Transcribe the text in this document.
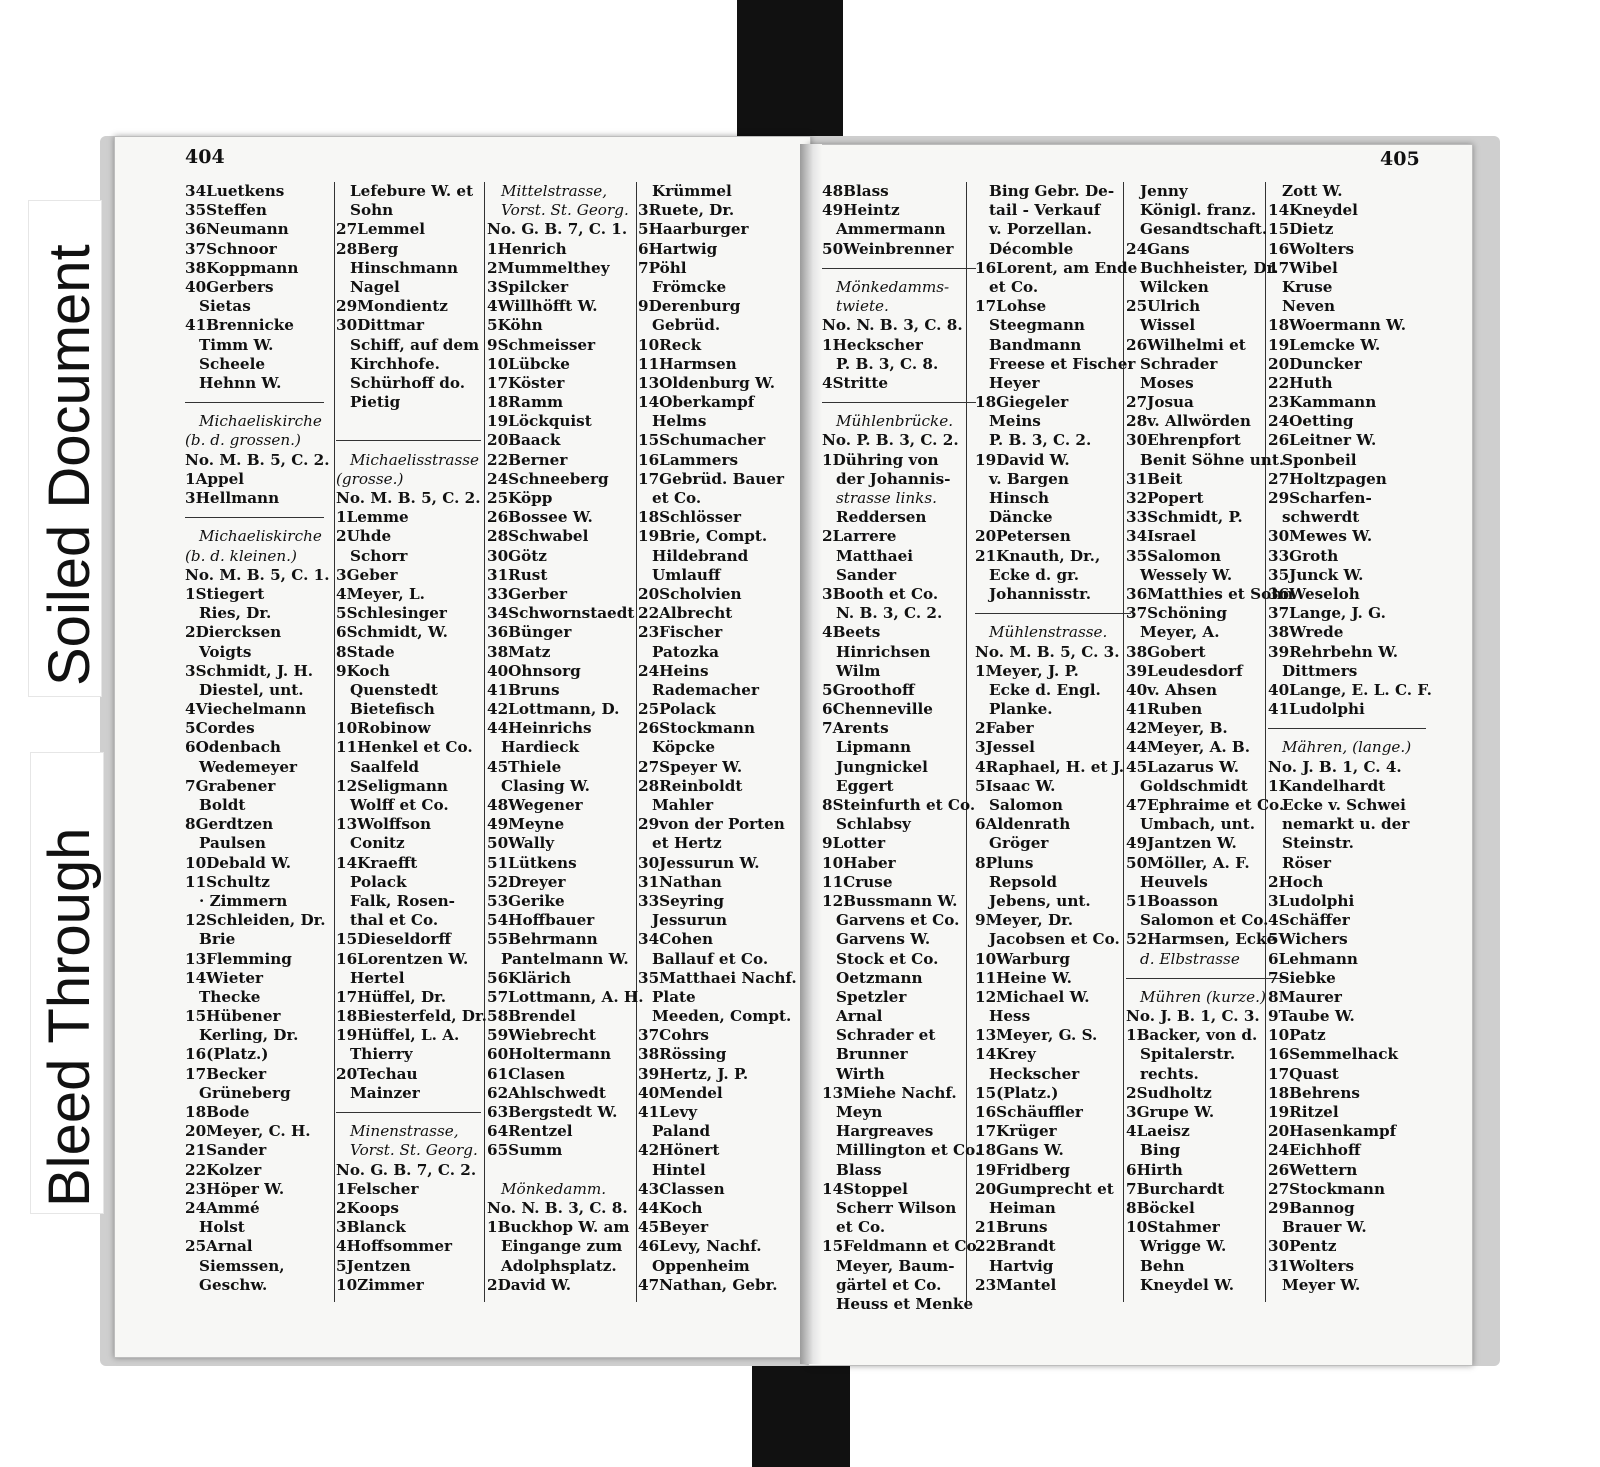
404	405
34Luetkens
35Steffen
36Neumann
37Schnoor
38Koppmann
40Gerbers
Sietas
41Brennicke
Timm W.
Scheele
Hehnn W.
Michaeliskirche
(b. d. grossen.)
No. M. B. 5, C. 2.
1Appel
3Hellmann
Michaeliskirche
(b. d. kleinen.)
No. M. B. 5, C. 1.
1Stiegert
Ries, Dr.
2Diercksen
Voigts
3Schmidt, J. H.
Diestel, unt.
4Viechelmann
5Cordes
6Odenbach
Wedemeyer
7Grabener
Boldt
8Gerdtzen
Paulsen
10Debald W.
11Schultz
· Zimmern
12Schleiden, Dr.
Brie
13Flemming
14Wieter
Thecke
15Hübener
Kerling, Dr.
16(Platz.)
17Becker
Grüneberg
18Bode
20Meyer, C. H.
21Sander
22Kolzer
23Höper W.
24Ammé
Holst
25Arnal
Siemssen,
Geschw.
Lefebure W. et
Sohn
27Lemmel
28Berg
Hinschmann
Nagel
29Mondientz
30Dittmar
Schiff, auf dem
Kirchhofe.
Schürhoff do.
Pietig
Michaelisstrasse
(grosse.)
No. M. B. 5, C. 2.
1Lemme
2Uhde
Schorr
3Geber
4Meyer, L.
5Schlesinger
6Schmidt, W.
8Stade
9Koch
Quenstedt
Bietefisch
10Robinow
11Henkel et Co.
Saalfeld
12Seligmann
Wolff et Co.
13Wolffson
Conitz
14Kraefft
Polack
Falk, Rosen-
thal et Co.
15Dieseldorff
16Lorentzen W.
Hertel
17Hüffel, Dr.
18Biesterfeld, Dr.
19Hüffel, L. A.
Thierry
20Techau
Mainzer
Minenstrasse,
Vorst. St. Georg.
No. G. B. 7, C. 2.
1Felscher
2Koops
3Blanck
4Hoffsommer
5Jentzen
10Zimmer
Mittelstrasse,
Vorst. St. Georg.
No. G. B. 7, C. 1.
1Henrich
2Mummelthey
3Spilcker
4Willhöfft W.
5Köhn
9Schmeisser
10Lübcke
17Köster
18Ramm
19Löckquist
20Baack
22Berner
24Schneeberg
25Köpp
26Bossee W.
28Schwabel
30Götz
31Rust
33Gerber
34Schwornstaedt
36Bünger
38Matz
40Ohnsorg
41Bruns
42Lottmann, D.
44Heinrichs
Hardieck
45Thiele
Clasing W.
48Wegener
49Meyne
50Wally
51Lütkens
52Dreyer
53Gerike
54Hoffbauer
55Behrmann
Pantelmann W.
56Klärich
57Lottmann, A. H.
58Brendel
59Wiebrecht
60Holtermann
61Clasen
62Ahlschwedt
63Bergstedt W.
64Rentzel
65Summ
Mönkedamm.
No. N. B. 3, C. 8.
1Buckhop W. am
Eingange zum
Adolphsplatz.
2David W.
Krümmel
3Ruete, Dr.
5Haarburger
6Hartwig
7Pöhl
Frömcke
9Derenburg
Gebrüd.
10Reck
11Harmsen
13Oldenburg W.
14Oberkampf
Helms
15Schumacher
16Lammers
17Gebrüd. Bauer
et Co.
18Schlösser
19Brie, Compt.
Hildebrand
Umlauff
20Scholvien
22Albrecht
23Fischer
Patozka
24Heins
Rademacher
25Polack
26Stockmann
Köpcke
27Speyer W.
28Reinboldt
Mahler
29von der Porten
et Hertz
30Jessurun W.
31Nathan
33Seyring
Jessurun
34Cohen
Ballauf et Co.
35Matthaei Nachf.
Plate
Meeden, Compt.
37Cohrs
38Rössing
39Hertz, J. P.
40Mendel
41Levy
Paland
42Hönert
Hintel
43Classen
44Koch
45Beyer
46Levy, Nachf.
Oppenheim
47Nathan, Gebr.
48Blass
49Heintz
Ammermann
50Weinbrenner
Mönkedamms-
twiete.
No. N. B. 3, C. 8.
1Heckscher
P. B. 3, C. 8.
4Stritte
Mühlenbrücke.
No. P. B. 3, C. 2.
1Dühring von
der Johannis-
strasse links.
Reddersen
2Larrere
Matthaei
Sander
3Booth et Co.
N. B. 3, C. 2.
4Beets
Hinrichsen
Wilm
5Groothoff
6Chenneville
7Arents
Lipmann
Jungnickel
Eggert
8Steinfurth et Co.
Schlabsy
9Lotter
10Haber
11Cruse
12Bussmann W.
Garvens et Co.
Garvens W.
Stock et Co.
Oetzmann
Spetzler
Arnal
Schrader et
Brunner
Wirth
13Miehe Nachf.
Meyn
Hargreaves
Millington et Co.
Blass
14Stoppel
Scherr Wilson
et Co.
15Feldmann et Co.
Meyer, Baum-
gärtel et Co.
Heuss et Menke
Bing Gebr. De-
tail - Verkauf
v. Porzellan.
Décomble
16Lorent, am Ende
et Co.
17Lohse
Steegmann
Bandmann
Freese et Fischer
Heyer
18Giegeler
Meins
P. B. 3, C. 2.
19David W.
v. Bargen
Hinsch
Däncke
20Petersen
21Knauth, Dr.,
Ecke d. gr.
Johannisstr.
Mühlenstrasse.
No. M. B. 5, C. 3.
1Meyer, J. P.
Ecke d. Engl.
Planke.
2Faber
3Jessel
4Raphael, H. et J.
5Isaac W.
Salomon
6Aldenrath
Gröger
8Pluns
Repsold
Jebens, unt.
9Meyer, Dr.
Jacobsen et Co.
10Warburg
11Heine W.
12Michael W.
Hess
13Meyer, G. S.
14Krey
Heckscher
15(Platz.)
16Schäuffler
17Krüger
18Gans W.
19Fridberg
20Gumprecht et
Heiman
21Bruns
22Brandt
Hartvig
23Mantel
Jenny
Königl. franz.
Gesandtschaft.
24Gans
Buchheister, Dr.
Wilcken
25Ulrich
Wissel
26Wilhelmi et
Schrader
Moses
27Josua
28v. Allwörden
30Ehrenpfort
Benit Söhne unt.
31Beit
32Popert
33Schmidt, P.
34Israel
35Salomon
Wessely W.
36Matthies et Sohn
37Schöning
Meyer, A.
38Gobert
39Leudesdorf
40v. Ahsen
41Ruben
42Meyer, B.
44Meyer, A. B.
45Lazarus W.
Goldschmidt
47Ephraime et Co.
Umbach, unt.
49Jantzen W.
50Möller, A. F.
Heuvels
51Boasson
Salomon et Co.
52Harmsen, Ecke
d. Elbstrasse
Mühren (kurze.)
No. J. B. 1, C. 3.
1Backer, von d.
Spitalerstr.
rechts.
2Sudholtz
3Grupe W.
4Laeisz
Bing
6Hirth
7Burchardt
8Böckel
10Stahmer
Wrigge W.
Behn
Kneydel W.
Zott W.
14Kneydel
15Dietz
16Wolters
17Wibel
Kruse
Neven
18Woermann W.
19Lemcke W.
20Duncker
22Huth
23Kammann
24Oetting
26Leitner W.
Sponbeil
27Holtzpagen
29Scharfen-
schwerdt
30Mewes W.
33Groth
35Junck W.
36Weseloh
37Lange, J. G.
38Wrede
39Rehrbehn W.
Dittmers
40Lange, E. L. C. F.
41Ludolphi
Mähren, (lange.)
No. J. B. 1, C. 4.
1Kandelhardt
Ecke v. Schwei
nemarkt u. der
Steinstr.
Röser
2Hoch
3Ludolphi
4Schäffer
5Wichers
6Lehmann
7Siebke
8Maurer
9Taube W.
10Patz
16Semmelhack
17Quast
18Behrens
19Ritzel
20Hasenkampf
24Eichhoff
26Wettern
27Stockmann
29Bannog
Brauer W.
30Pentz
31Wolters
Meyer W.
Bleed Through
Soiled Document
